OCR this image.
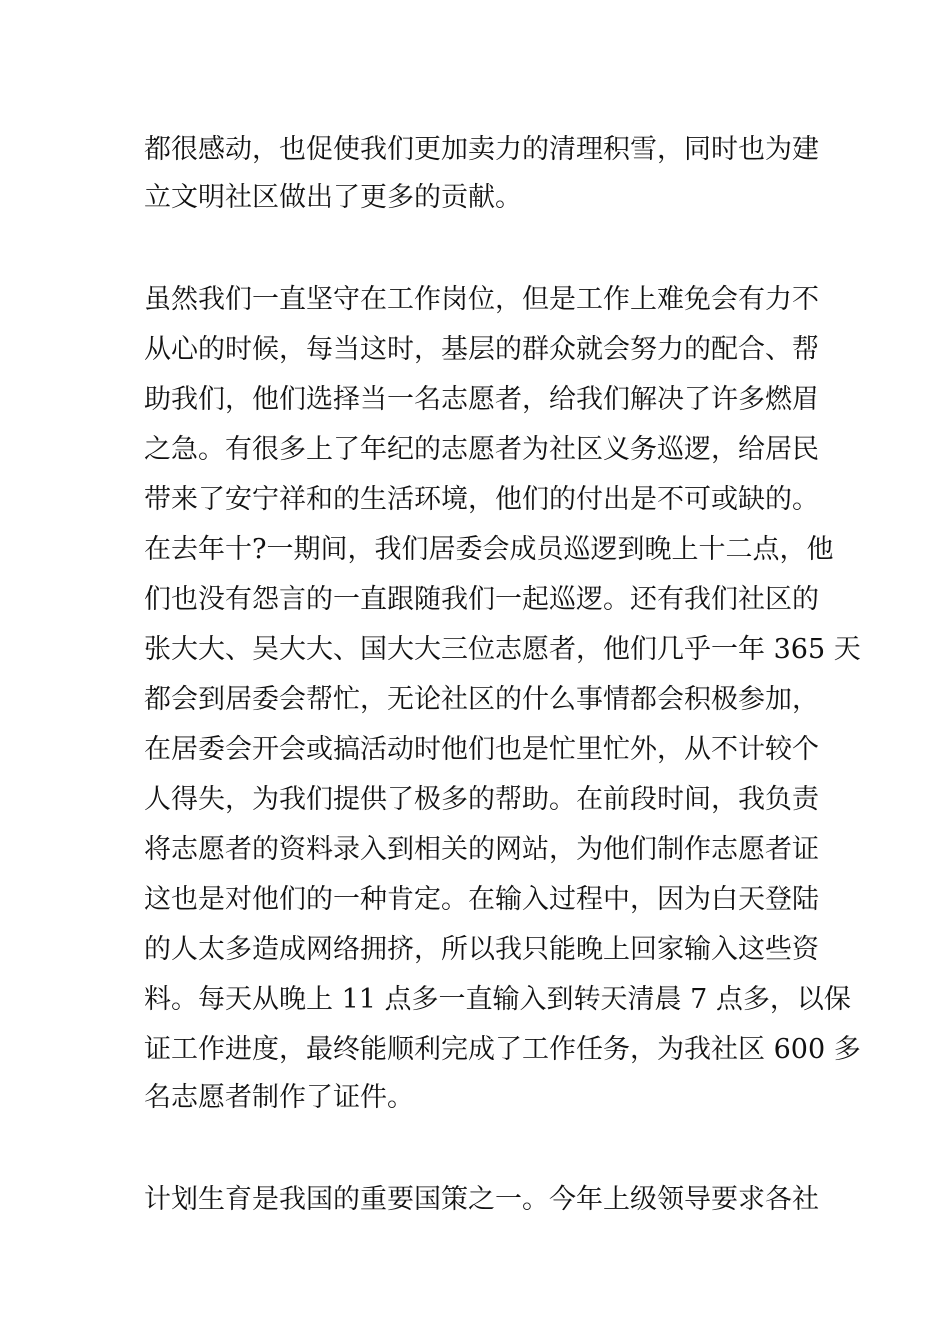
都很感动，也促使我们更加卖力的清理积雪，同时也为建
立文明社区做出了更多的贡献。
虽然我们一直坚守在工作岗位，但是工作上难免会有力不
从心的时候，每当这时，基层的群众就会努力的配合、帮
助我们，他们选择当一名志愿者，给我们解决了许多燃眉
之急。有很多上了年纪的志愿者为社区义务巡逻，给居民
带来了安宁祥和的生活环境，他们的付出是不可或缺的。
在去年十?一期间，我们居委会成员巡逻到晚上十二点，他
们也没有怨言的一直跟随我们一起巡逻。还有我们社区的
张大大、吴大大、国大大三位志愿者，他们几乎一年 365 天
都会到居委会帮忙，无论社区的什么事情都会积极参加，
在居委会开会或搞活动时他们也是忙里忙外，从不计较个
人得失，为我们提供了极多的帮助。在前段时间，我负责
将志愿者的资料录入到相关的网站，为他们制作志愿者证
这也是对他们的一种肯定。在输入过程中，因为白天登陆
的人太多造成网络拥挤，所以我只能晚上回家输入这些资
料。每天从晚上 11 点多一直输入到转天清晨 7 点多，以保
证工作进度，最终能顺利完成了工作任务，为我社区 600 多
名志愿者制作了证件。
计划生育是我国的重要国策之一。今年上级领导要求各社
